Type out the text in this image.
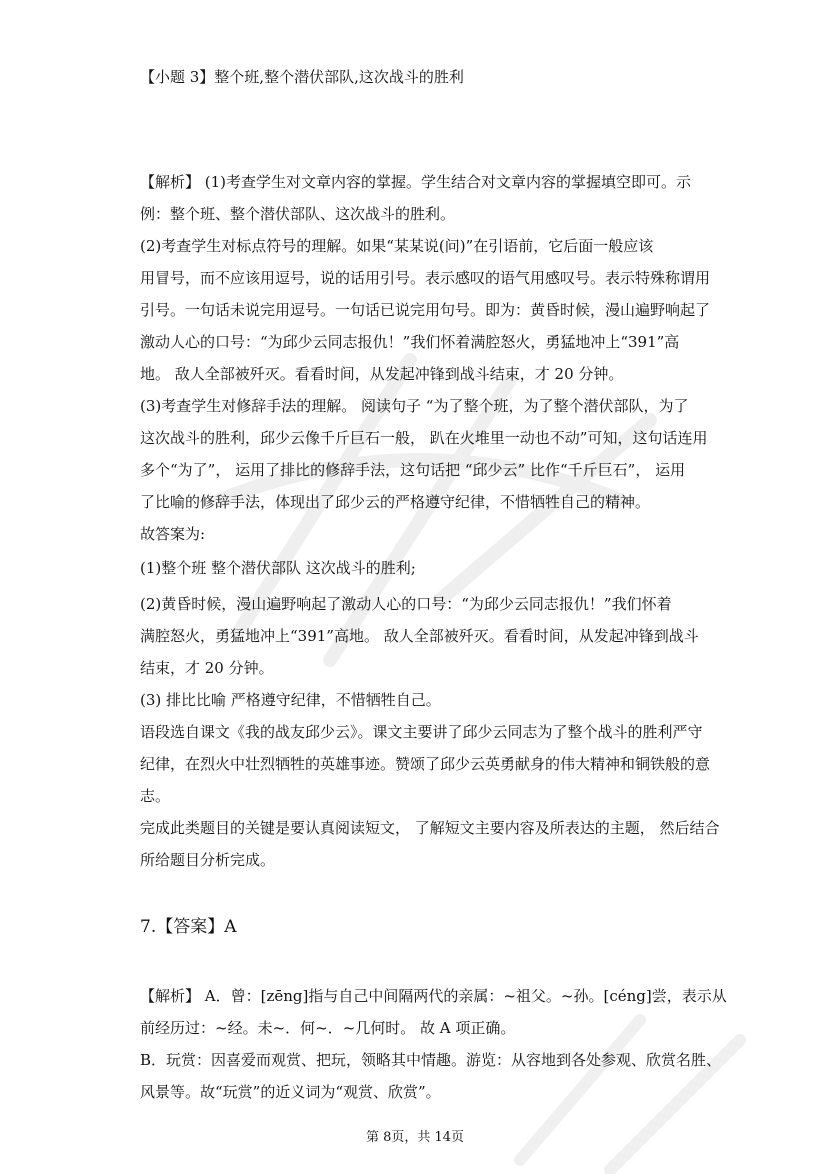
【小题 3】整个班,整个潜伏部队,这次战斗的胜利
【解析】 (1)考查学生对文章内容的掌握。学生结合对文章内容的掌握填空即可。示
例：整个班、整个潜伏部队、这次战斗的胜利。
(2)考查学生对标点符号的理解。如果“某某说(问)”在引语前，它后面一般应该
用冒号，而不应该用逗号，说的话用引号。表示感叹的语气用感叹号。表示特殊称谓用
引号。一句话未说完用逗号。一句话已说完用句号。即为：黄昏时候，漫山遍野响起了
激动人心的口号：“为邱少云同志报仇！”我们怀着满腔怒火，勇猛地冲上“391”高
地。 敌人全部被歼灭。看看时间，从发起冲锋到战斗结束，才 20 分钟。
(3)考查学生对修辞手法的理解。 阅读句子 “为了整个班，为了整个潜伏部队，为了
这次战斗的胜利，邱少云像千斤巨石一般， 趴在火堆里一动也不动”可知，这句话连用
多个“为了”， 运用了排比的修辞手法，这句话把 “邱少云” 比作“千斤巨石”， 运用
了比喻的修辞手法，体现出了邱少云的严格遵守纪律，不惜牺牲自己的精神。
故答案为:
(1)整个班 整个潜伏部队 这次战斗的胜利;
(2)黄昏时候，漫山遍野响起了激动人心的口号：“为邱少云同志报仇！”我们怀着
满腔怒火，勇猛地冲上“391”高地。 敌人全部被歼灭。看看时间，从发起冲锋到战斗
结束，才 20 分钟。
(3) 排比比喻 严格遵守纪律，不惜牺牲自己。
语段选自课文《我的战友邱少云》。课文主要讲了邱少云同志为了整个战斗的胜利严守
纪律，在烈火中壮烈牺牲的英雄事迹。赞颂了邱少云英勇献身的伟大精神和铜铁般的意
志。
完成此类题目的关键是要认真阅读短文， 了解短文主要内容及所表达的主题， 然后结合
所给题目分析完成。
7.【答案】A
【解析】 A．曾：[zēng]指与自己中间隔两代的亲属：~祖父。~孙。[céng]尝，表示从
前经历过：~经。未~．何~．~几何时。 故 A 项正确。
B．玩赏：因喜爱而观赏、把玩，领略其中情趣。游览：从容地到各处参观、欣赏名胜、
风景等。故“玩赏”的近义词为“观赏、欣赏”。
第 8页，共 14页
